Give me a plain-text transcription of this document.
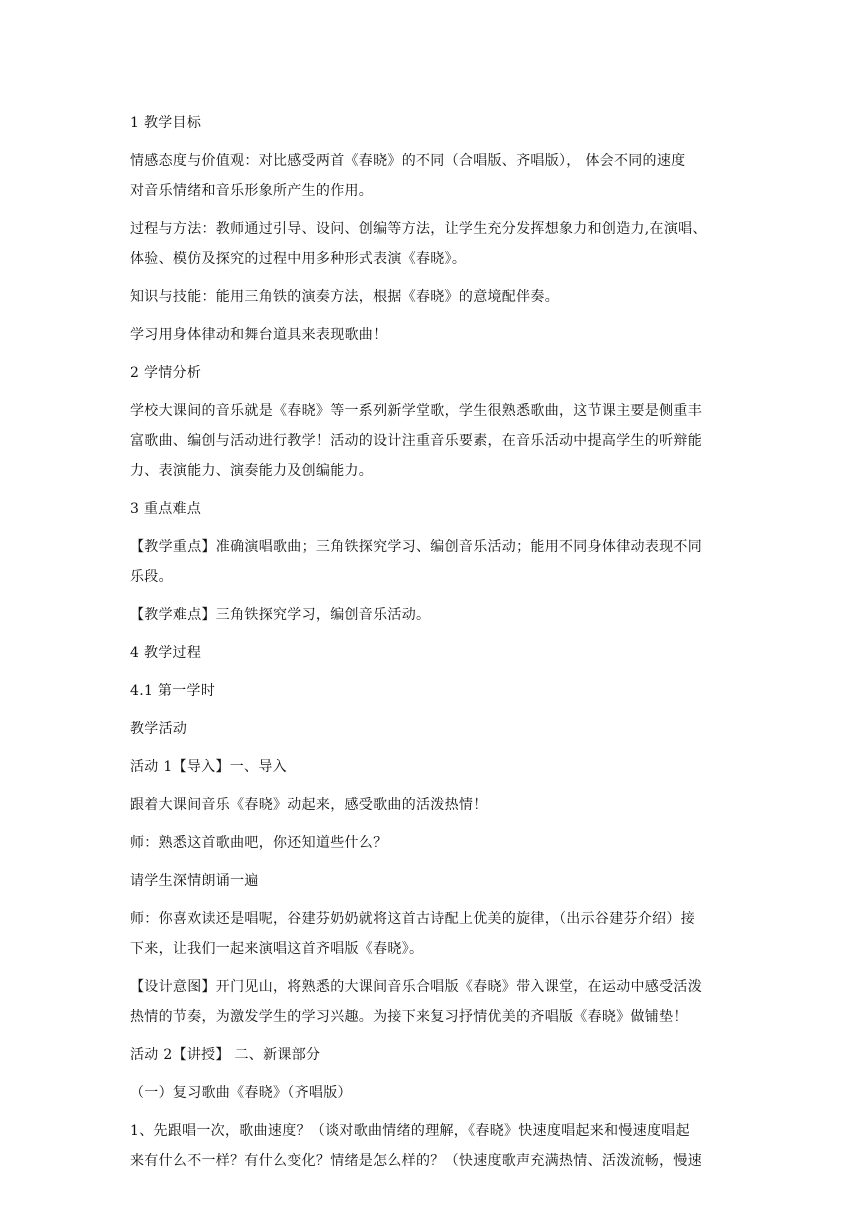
1 教学目标
情感态度与价值观：对比感受两首《春晓》的不同（合唱版、齐唱版）， 体会不同的速度
对音乐情绪和音乐形象所产生的作用。
过程与方法：教师通过引导、设问、创编等方法，让学生充分发挥想象力和创造力,在演唱、
体验、模仿及探究的过程中用多种形式表演《春晓》。
知识与技能：能用三角铁的演奏方法，根据《春晓》的意境配伴奏。
学习用身体律动和舞台道具来表现歌曲！
2 学情分析
学校大课间的音乐就是《春晓》等一系列新学堂歌，学生很熟悉歌曲，这节课主要是侧重丰
富歌曲、编创与活动进行教学！活动的设计注重音乐要素，在音乐活动中提高学生的听辩能
力、表演能力、演奏能力及创编能力。
3 重点难点
【教学重点】准确演唱歌曲；三角铁探究学习、编创音乐活动；能用不同身体律动表现不同
乐段。
【教学难点】三角铁探究学习，编创音乐活动。
4 教学过程
4.1 第一学时
教学活动
活动 1【导入】一、导入
跟着大课间音乐《春晓》动起来，感受歌曲的活泼热情！
师：熟悉这首歌曲吧，你还知道些什么？
请学生深情朗诵一遍
师：你喜欢读还是唱呢，谷建芬奶奶就将这首古诗配上优美的旋律，（出示谷建芬介绍）接
下来，让我们一起来演唱这首齐唱版《春晓》。
【设计意图】开门见山，将熟悉的大课间音乐合唱版《春晓》带入课堂，在运动中感受活泼
热情的节奏，为激发学生的学习兴趣。为接下来复习抒情优美的齐唱版《春晓》做铺垫！
活动 2【讲授】 二、新课部分
（一）复习歌曲《春晓》（齐唱版）
1、先跟唱一次，歌曲速度？（谈对歌曲情绪的理解，《春晓》快速度唱起来和慢速度唱起
来有什么不一样？有什么变化？情绪是怎么样的？（快速度歌声充满热情、活泼流畅，慢速
